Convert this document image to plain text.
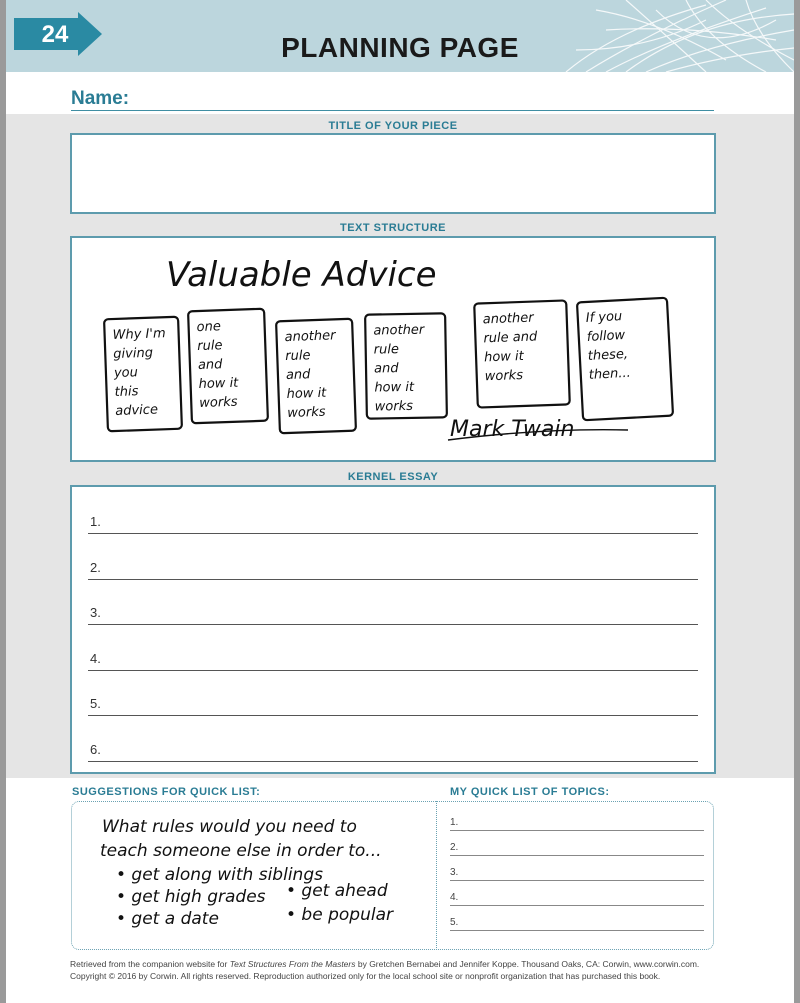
24	PLANNING PAGE
Name:
TITLE OF YOUR PIECE
TEXT STRUCTURE
Valuable Advice
Why I'm
giving
you
this
advice
one
rule
and
how it
works
another
rule
and
how it
works
another
rule
and
how it
works
another
rule and
how it
works
If you
follow
these,
then...
Mark Twain
KERNEL ESSAY
1.
2.
3.
4.
5.
6.
SUGGESTIONS FOR QUICK LIST:	MY QUICK LIST OF TOPICS:
What rules would you need to
teach someone else in order to...
• get along with siblings
• get high grades • get ahead
• get a date	• be popular
1.
2.
3.
4.
5.
Retrieved from the companion website for Text Structures From the Masters by Gretchen Bernabei and Jennifer Koppe. Thousand Oaks, CA: Corwin, www.corwin.com.
Copyright © 2016 by Corwin. All rights reserved. Reproduction authorized only for the local school site or nonprofit organization that has purchased this book.
